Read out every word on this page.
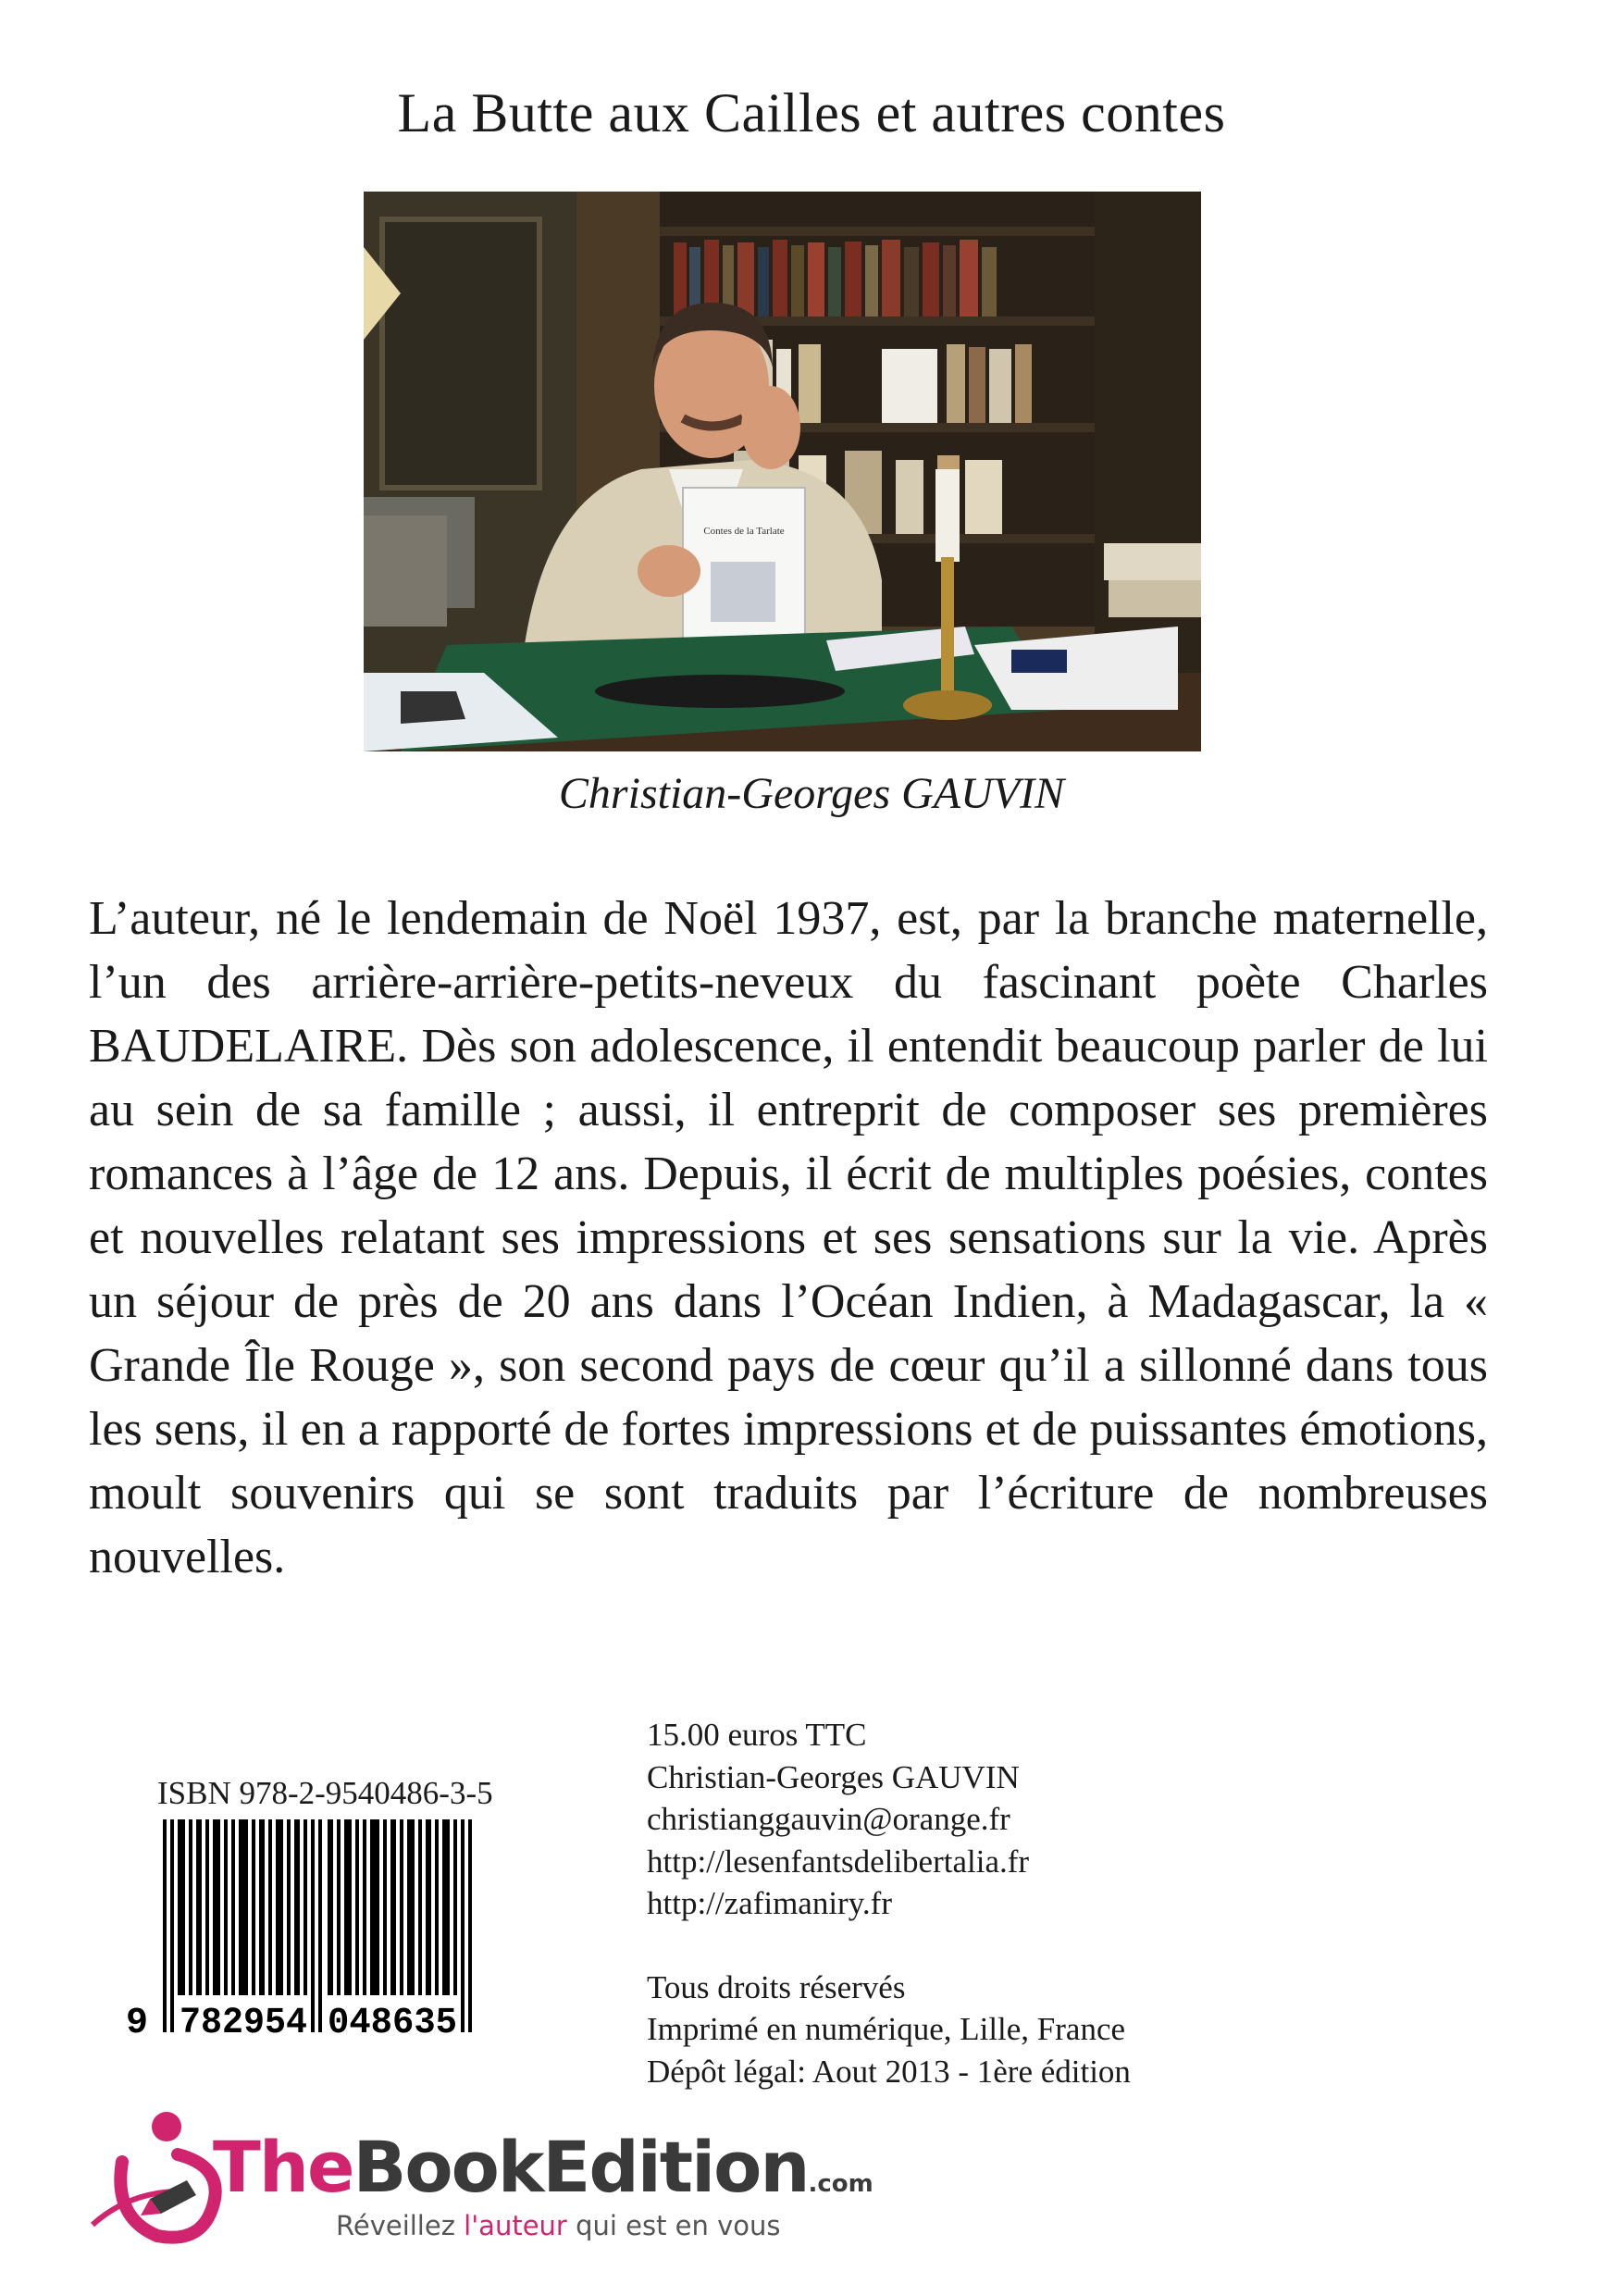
La Butte aux Cailles et autres contes
Contes de la Tarlate
Christian-Georges GAUVIN
L’auteur, né le lendemain de Noël 1937, est, par la branche maternelle, l’un des arrière-arrière-petits-neveux du fascinant poète Charles BAUDELAIRE. Dès son adolescence, il entendit beaucoup parler de lui au sein de sa famille ; aussi, il entreprit de composer ses premières romances à l’âge de 12 ans. Depuis, il écrit de multiples poésies, contes et nouvelles relatant ses impressions et ses sensations sur la vie. Après un séjour de près de 20 ans dans l’Océan Indien, à Madagascar, la « Grande Île Rouge », son second pays de cœur qu’il a sillonné dans tous les sens, il en a rapporté de fortes impressions et de puissantes émotions, moult souvenirs qui se sont traduits par l’écriture de nombreuses nouvelles.
ISBN 978-2-9540486-3-5
9 782954 048635
15.00 euros TTC
Christian-Georges GAUVIN
christianggauvin@orange.fr
http://lesenfantsdelibertalia.fr
http://zafimaniry.fr
Tous droits réservés
Imprimé en numérique, Lille, France
Dépôt légal: Aout 2013 - 1ère édition
TheBookEdition.com
Réveillez l'auteur qui est en vous
